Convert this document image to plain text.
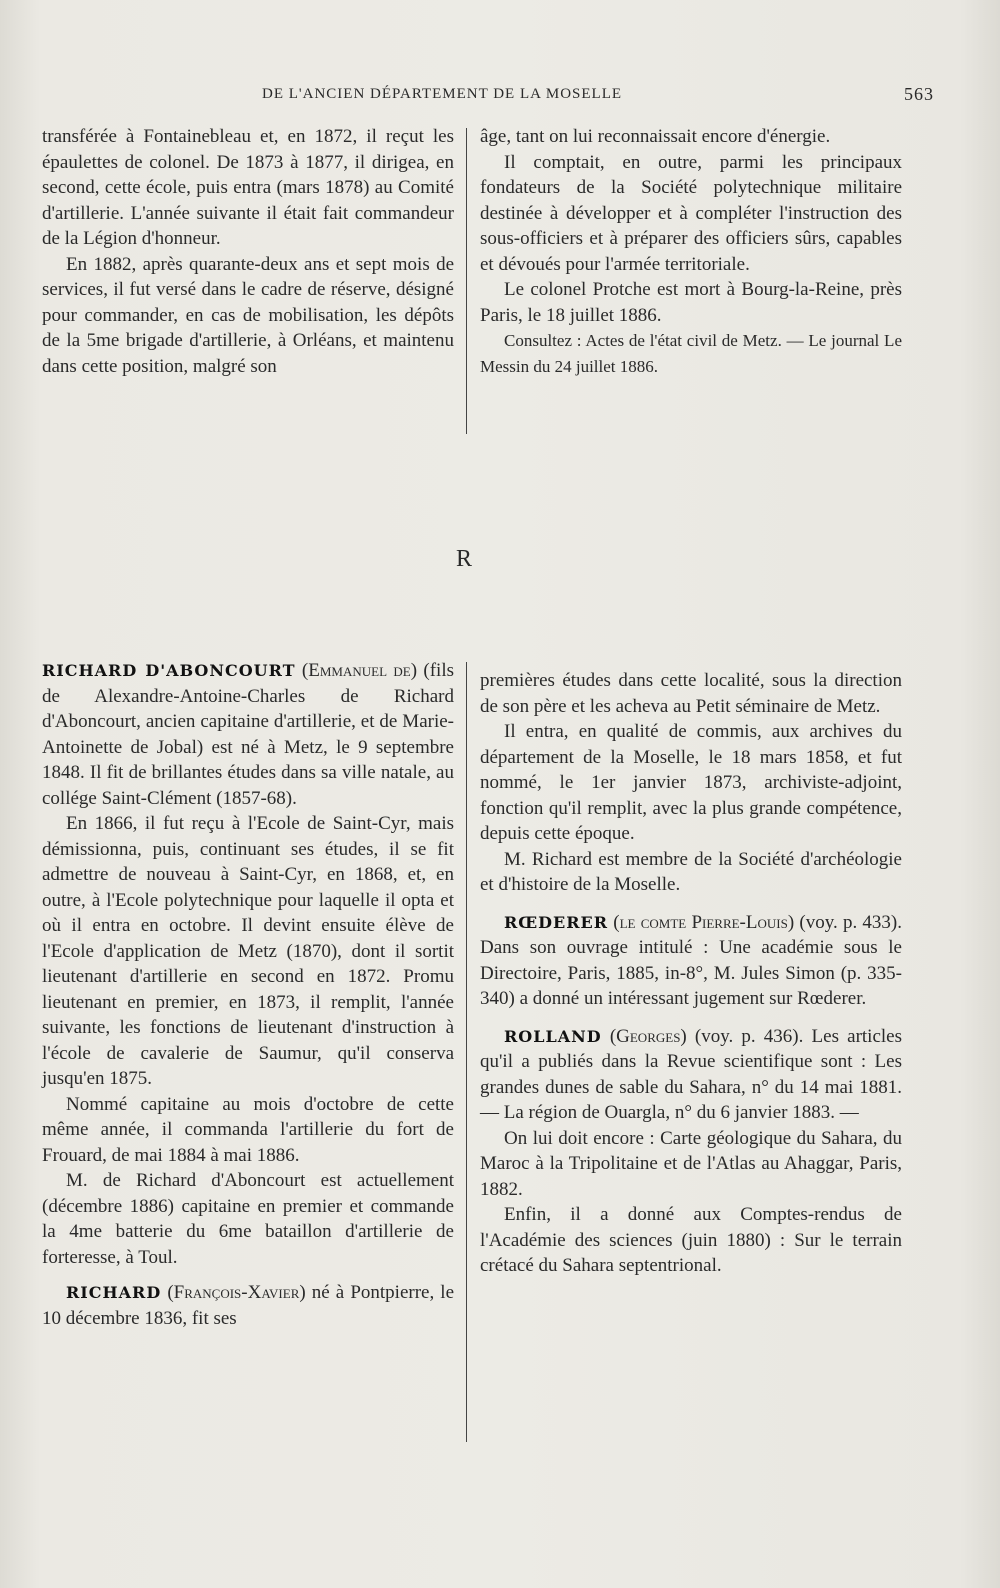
DE L'ANCIEN DÉPARTEMENT DE LA MOSELLE	563

transférée à Fontainebleau et, en 1872, il reçut les épaulettes de colonel. De 1873 à 1877, il dirigea, en second, cette école, puis entra (mars 1878) au Comité d'artillerie. L'année suivante il était fait commandeur de la Légion d'honneur.

En 1882, après quarante-deux ans et sept mois de services, il fut versé dans le cadre de réserve, désigné pour commander, en cas de mobilisation, les dépôts de la 5me brigade d'artillerie, à Orléans, et maintenu dans cette position, malgré son

âge, tant on lui reconnaissait encore d'énergie.

Il comptait, en outre, parmi les principaux fondateurs de la Société polytechnique militaire destinée à développer et à compléter l'instruction des sous-officiers et à préparer des officiers sûrs, capables et dévoués pour l'armée territoriale.

Le colonel Protche est mort à Bourg-la-Reine, près Paris, le 18 juillet 1886.

Consultez : Actes de l'état civil de Metz. — Le journal Le Messin du 24 juillet 1886.

R

RICHARD D'ABONCOURT (Emmanuel de) (fils de Alexandre-Antoine-Charles de Richard d'Aboncourt, ancien capitaine d'artillerie, et de Marie-Antoinette de Jobal) est né à Metz, le 9 septembre 1848. Il fit de brillantes études dans sa ville natale, au collége Saint-Clément (1857-68).

En 1866, il fut reçu à l'Ecole de Saint-Cyr, mais démissionna, puis, continuant ses études, il se fit admettre de nouveau à Saint-Cyr, en 1868, et, en outre, à l'Ecole polytechnique pour laquelle il opta et où il entra en octobre. Il devint ensuite élève de l'Ecole d'application de Metz (1870), dont il sortit lieutenant d'artillerie en second en 1872. Promu lieutenant en premier, en 1873, il remplit, l'année suivante, les fonctions de lieutenant d'instruction à l'école de cavalerie de Saumur, qu'il conserva jusqu'en 1875.

Nommé capitaine au mois d'octobre de cette même année, il commanda l'artillerie du fort de Frouard, de mai 1884 à mai 1886.

M. de Richard d'Aboncourt est actuellement (décembre 1886) capitaine en premier et commande la 4me batterie du 6me bataillon d'artillerie de forteresse, à Toul.

RICHARD (François-Xavier) né à Pontpierre, le 10 décembre 1836, fit ses

premières études dans cette localité, sous la direction de son père et les acheva au Petit séminaire de Metz.

Il entra, en qualité de commis, aux archives du département de la Moselle, le 18 mars 1858, et fut nommé, le 1er janvier 1873, archiviste-adjoint, fonction qu'il remplit, avec la plus grande compétence, depuis cette époque.

M. Richard est membre de la Société d'archéologie et d'histoire de la Moselle.

RŒDERER (le comte Pierre-Louis) (voy. p. 433). Dans son ouvrage intitulé : Une académie sous le Directoire, Paris, 1885, in-8°, M. Jules Simon (p. 335-340) a donné un intéressant jugement sur Rœderer.

ROLLAND (Georges) (voy. p. 436). Les articles qu'il a publiés dans la Revue scientifique sont : Les grandes dunes de sable du Sahara, n° du 14 mai 1881. — La région de Ouargla, n° du 6 janvier 1883. —

On lui doit encore : Carte géologique du Sahara, du Maroc à la Tripolitaine et de l'Atlas au Ahaggar, Paris, 1882.

Enfin, il a donné aux Comptes-rendus de l'Académie des sciences (juin 1880) : Sur le terrain crétacé du Sahara septentrional.
